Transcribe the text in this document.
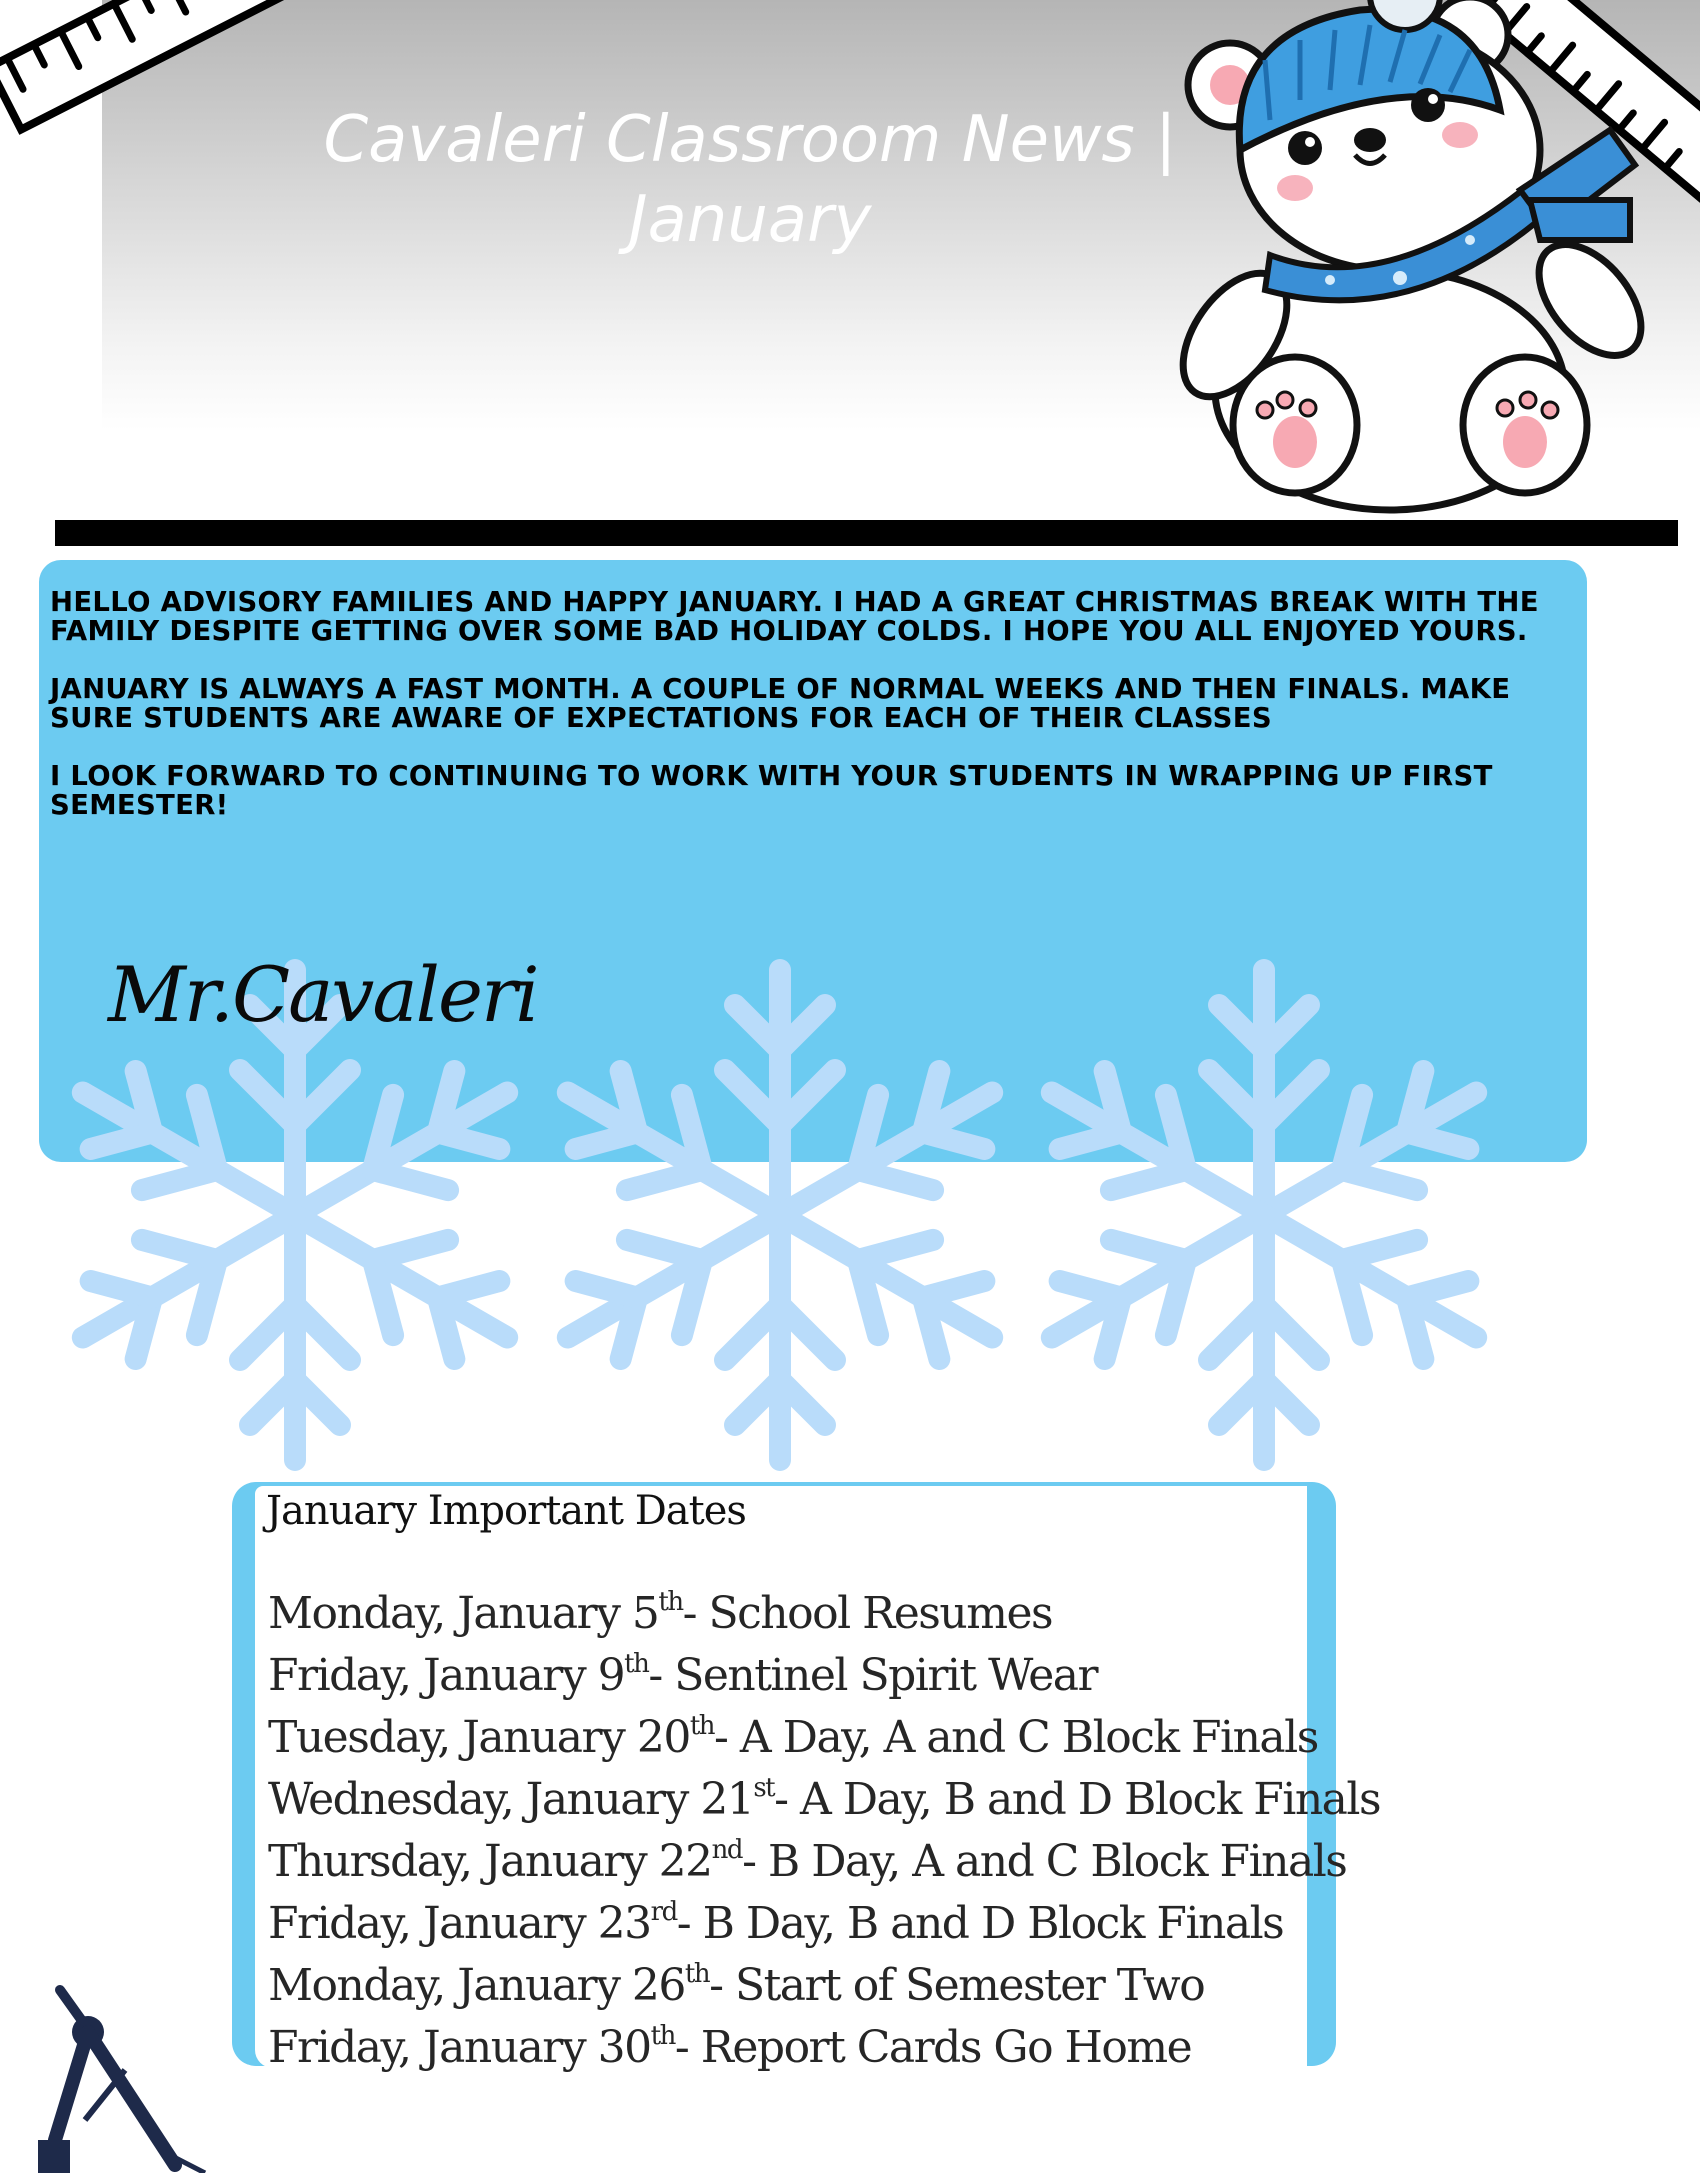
Cavaleri Classroom News |
January

HELLO ADVISORY FAMILIES AND HAPPY JANUARY. I HAD A GREAT CHRISTMAS BREAK WITH THE FAMILY DESPITE GETTING OVER SOME BAD HOLIDAY COLDS. I HOPE YOU ALL ENJOYED YOURS.

JANUARY IS ALWAYS A FAST MONTH. A COUPLE OF NORMAL WEEKS AND THEN FINALS. MAKE SURE STUDENTS ARE AWARE OF EXPECTATIONS FOR EACH OF THEIR CLASSES

I LOOK FORWARD TO CONTINUING TO WORK WITH YOUR STUDENTS IN WRAPPING UP FIRST SEMESTER!

Mr.Cavaleri
January Important Dates
Monday, January 5th- School Resumes
Friday, January 9th- Sentinel Spirit Wear
Tuesday, January 20th- A Day, A and C Block Finals
Wednesday, January 21st- A Day, B and D Block Finals
Thursday, January 22nd- B Day, A and C Block Finals
Friday, January 23rd- B Day, B and D Block Finals
Monday, January 26th- Start of Semester Two
Friday, January 30th- Report Cards Go Home
